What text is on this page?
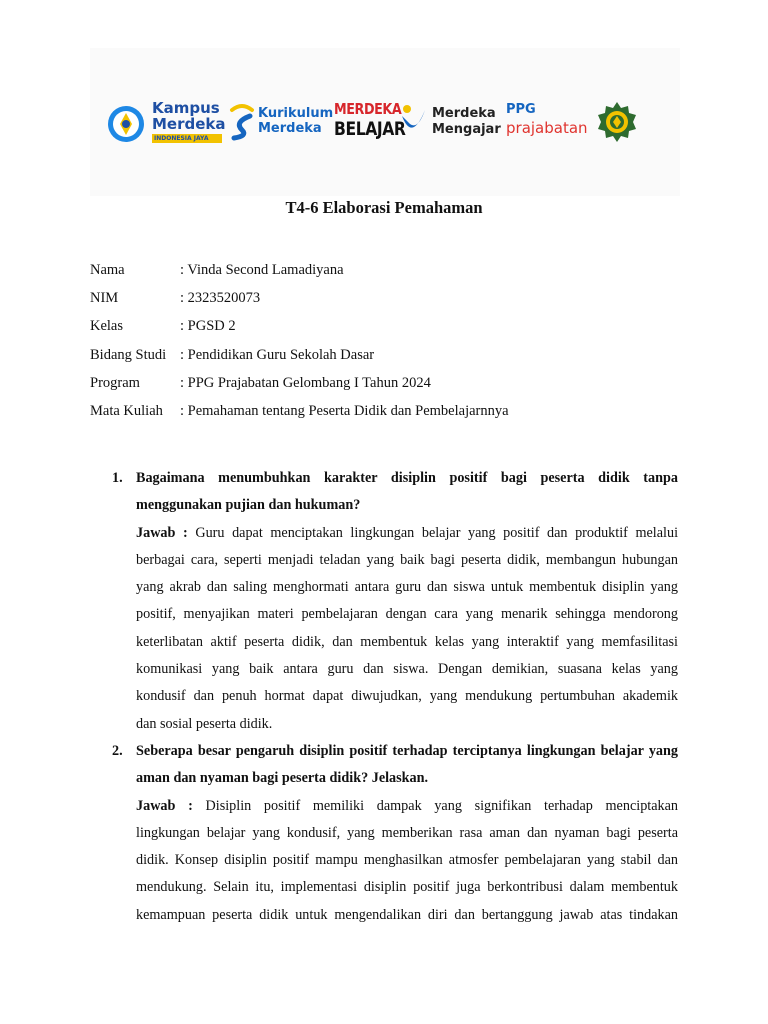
Kampus
Merdeka
INDONESIA JAYA
Kurikulum
Merdeka
MERDEKA
BELAJAR
Merdeka
Mengajar
PPG
prajabatan
T4-6 Elaborasi Pemahaman
Nama	: Vinda Second Lamadiyana
NIM	: 2323520073
Kelas	: PGSD 2
Bidang Studi : Pendidikan Guru Sekolah Dasar
Program	: PPG Prajabatan Gelombang I Tahun 2024
Mata Kuliah	: Pemahaman tentang Peserta Didik dan Pembelajarnnya
1. Bagaimana menumbuhkan karakter disiplin positif bagi peserta didik tanpa menggunakan pujian dan hukuman?
Jawab : Guru dapat menciptakan lingkungan belajar yang positif dan produktif melalui
berbagai cara, seperti menjadi teladan yang baik bagi peserta didik, membangun hubungan
yang akrab dan saling menghormati antara guru dan siswa untuk membentuk disiplin yang
positif, menyajikan materi pembelajaran dengan cara yang menarik sehingga mendorong
keterlibatan aktif peserta didik, dan membentuk kelas yang interaktif yang memfasilitasi
komunikasi yang baik antara guru dan siswa. Dengan demikian, suasana kelas yang
kondusif dan penuh hormat dapat diwujudkan, yang mendukung pertumbuhan akademik
dan sosial peserta didik.
2. Seberapa besar pengaruh disiplin positif terhadap terciptanya lingkungan belajar yang aman dan nyaman bagi peserta didik? Jelaskan.
Jawab : Disiplin positif memiliki dampak yang signifikan terhadap menciptakan
lingkungan belajar yang kondusif, yang memberikan rasa aman dan nyaman bagi peserta
didik. Konsep disiplin positif mampu menghasilkan atmosfer pembelajaran yang stabil dan
mendukung. Selain itu, implementasi disiplin positif juga berkontribusi dalam membentuk
kemampuan peserta didik untuk mengendalikan diri dan bertanggung jawab atas tindakan
